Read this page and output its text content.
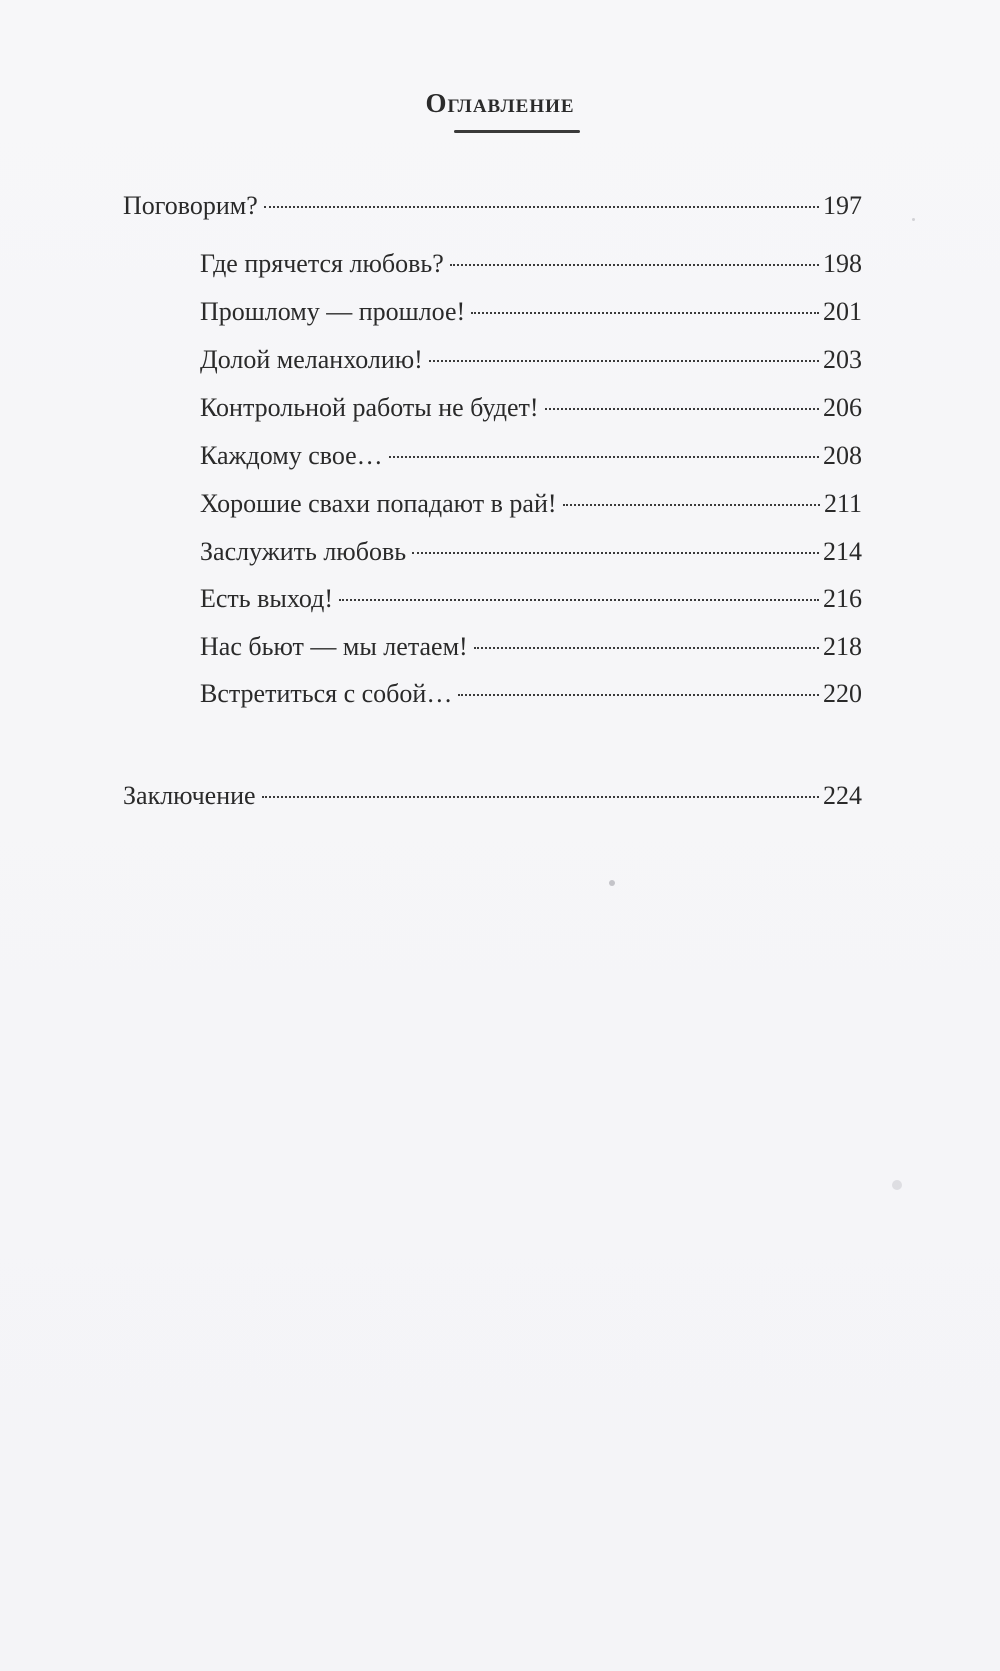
Оглавление
Поговорим?	197
Где прячется любовь?	198
Прошлому — прошлое!	201
Долой меланхолию!	203
Контрольной работы не будет!	206
Каждому свое…	208
Хорошие свахи попадают в рай!	211
Заслужить любовь	214
Есть выход!	216
Нас бьют — мы летаем!	218
Встретиться с собой…	220
Заключение	224
